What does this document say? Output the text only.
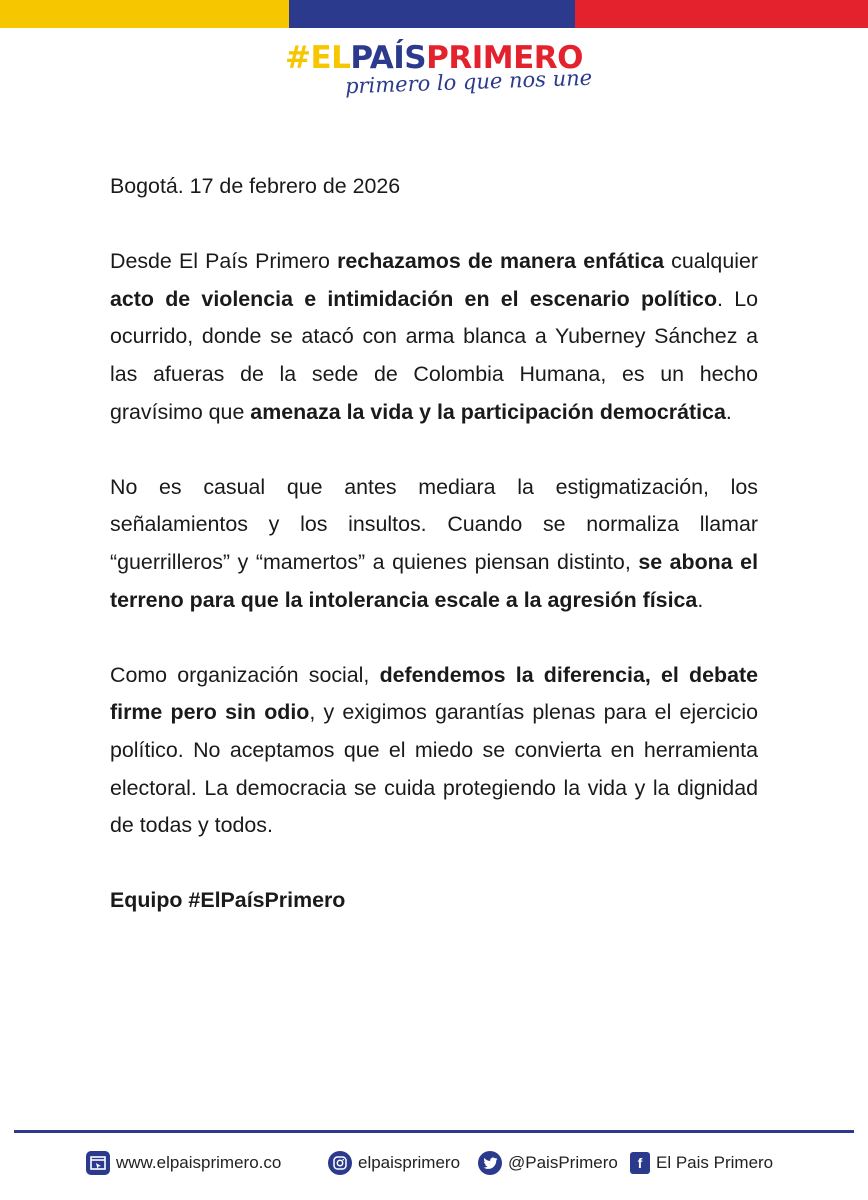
#ELPAÍSPRIMERO
primero lo que nos une

Bogotá. 17 de febrero de 2026

Desde El País Primero rechazamos de manera enfática cualquier acto de violencia e intimidación en el escenario político. Lo ocurrido, donde se atacó con arma blanca a Yuberney Sánchez a las afueras de la sede de Colombia Humana, es un hecho gravísimo que amenaza la vida y la participación democrática.

No es casual que antes mediara la estigmatización, los señalamientos y los insultos. Cuando se normaliza llamar “guerrilleros” y “mamertos” a quienes piensan distinto, se abona el terreno para que la intolerancia escale a la agresión física.

Como organización social, defendemos la diferencia, el debate firme pero sin odio, y exigimos garantías plenas para el ejercicio político. No aceptamos que el miedo se convierta en herramienta electoral. La democracia se cuida protegiendo la vida y la dignidad de todas y todos.

Equipo #ElPaísPrimero

www.elpaisprimero.co	elpaisprimero	@PaisPrimero	f El Pais Primero
